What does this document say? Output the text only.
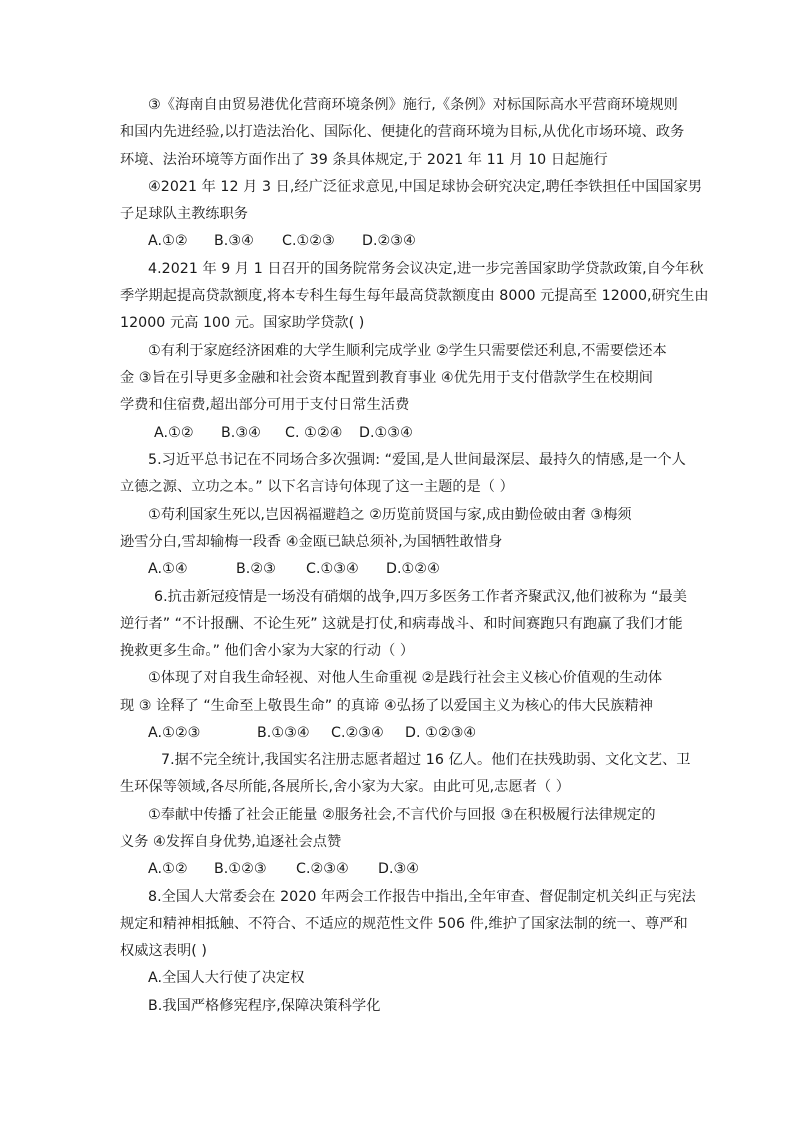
③《海南自由贸易港优化营商环境条例》施行,《条例》对标国际高水平营商环境规则
和国内先进经验,以打造法治化、国际化、便捷化的营商环境为目标,从优化市场环境、政务
环境、法治环境等方面作出了 39 条具体规定,于 2021 年 11 月 10 日起施行
④2021 年 12 月 3 日,经广泛征求意见,中国足球协会研究决定,聘任李铁担任中国国家男
子足球队主教练职务
A.①② B.③④ C.①②③ D.②③④
4.2021 年 9 月 1 日召开的国务院常务会议决定,进一步完善国家助学贷款政策,自今年秋
季学期起提高贷款额度,将本专科生每生每年最高贷款额度由 8000 元提高至 12000,研究生由
12000 元高 100 元。国家助学贷款( )
①有利于家庭经济困难的大学生顺利完成学业 ②学生只需要偿还利息,不需要偿还本
金 ③旨在引导更多金融和社会资本配置到教育事业 ④优先用于支付借款学生在校期间
学费和住宿费,超出部分可用于支付日常生活费
A.①② B.③④ C. ①②④ D.①③④
5.习近平总书记在不同场合多次强调: “爱国,是人世间最深层、最持久的情感,是一个人
立德之源、立功之本。” 以下名言诗句体现了这一主题的是（ ）
①苟利国家生死以,岂因祸福避趋之 ②历览前贤国与家,成由勤俭破由奢 ③梅须
逊雪分白,雪却输梅一段香 ④金瓯已缺总须补,为国牺牲敢惜身
A.①④	B.②③ C.①③④ D.①②④
6.抗击新冠疫情是一场没有硝烟的战争,四万多医务工作者齐聚武汉,他们被称为 “最美
逆行者” “不计报酬、不论生死” 这就是打仗,和病毒战斗、和时间赛跑只有跑赢了我们才能
挽救更多生命。” 他们舍小家为大家的行动（ ）
①体现了对自我生命轻视、对他人生命重视 ②是践行社会主义核心价值观的生动体
现 ③ 诠释了 “生命至上敬畏生命” 的真谛 ④弘扬了以爱国主义为核心的伟大民族精神
A.①②③	B.①③④ C.②③④ D. ①②③④
7.据不完全统计,我国实名注册志愿者超过 16 亿人。他们在扶残助弱、文化文艺、卫
生环保等领域,各尽所能,各展所长,舍小家为大家。由此可见,志愿者（ ）
①奉献中传播了社会正能量 ②服务社会,不言代价与回报 ③在积极履行法律规定的
义务 ④发挥自身优势,追逐社会点赞
A.①② B.①②③ C.②③④ D.③④
8.全国人大常委会在 2020 年两会工作报告中指出,全年审查、督促制定机关纠正与宪法
规定和精神相抵触、不符合、不适应的规范性文件 506 件,维护了国家法制的统一、尊严和
权威这表明( )
A.全国人大行使了决定权
B.我国严格修宪程序,保障决策科学化
